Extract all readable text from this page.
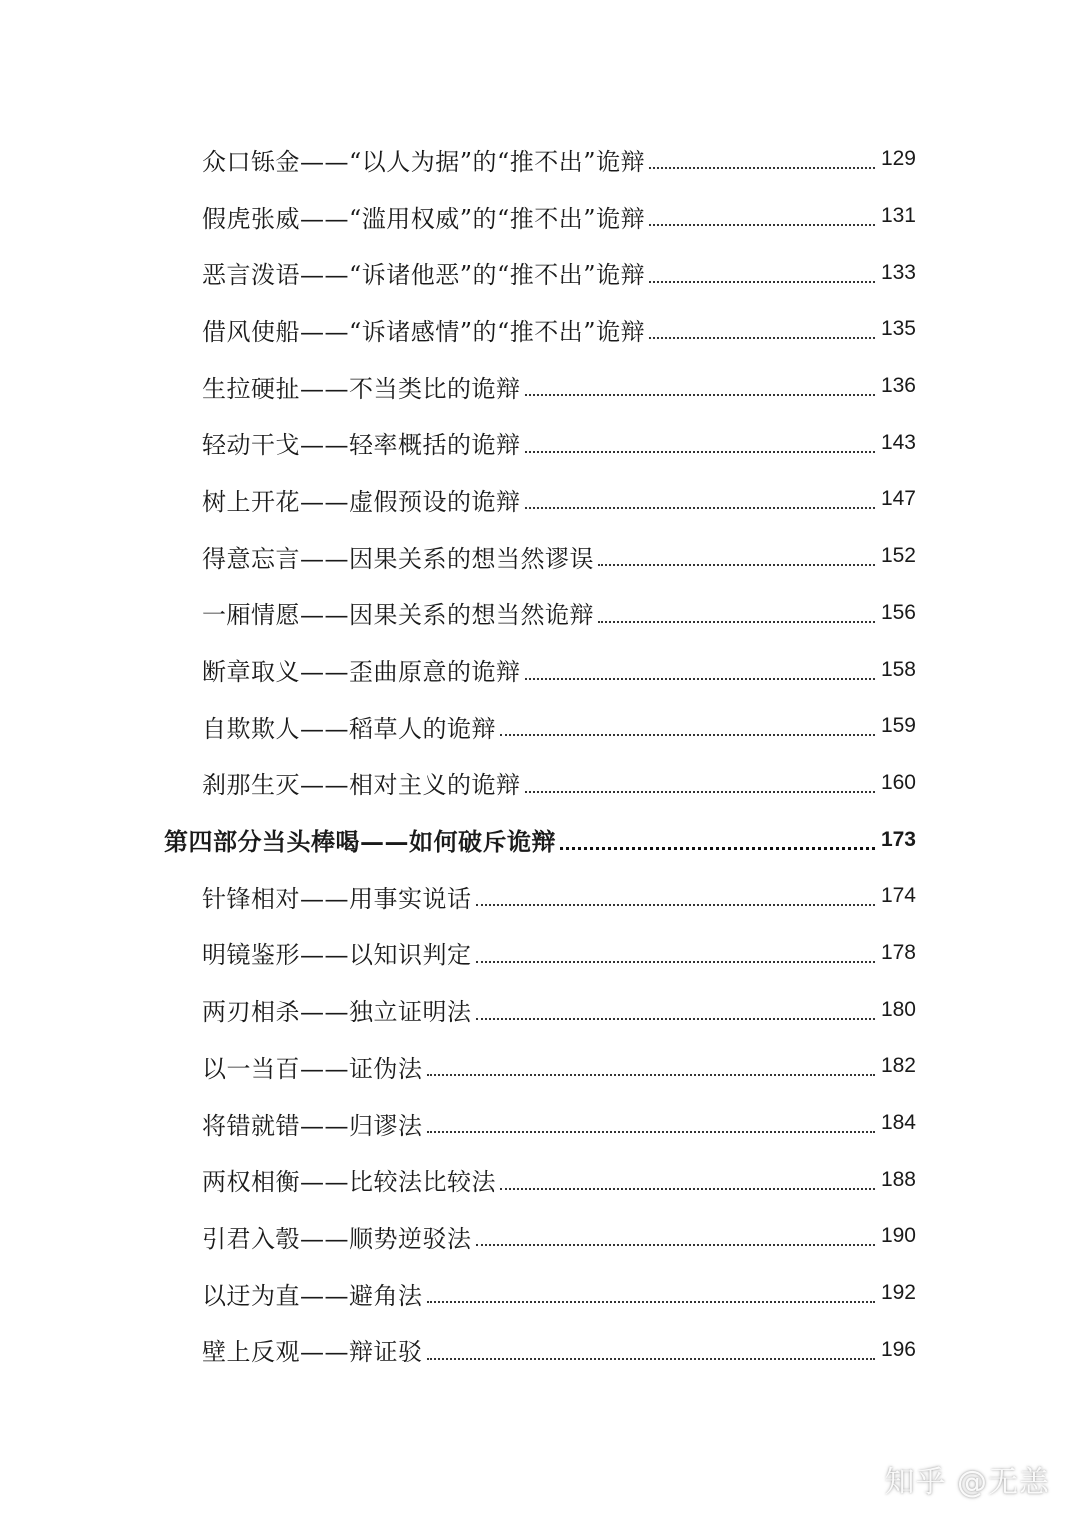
众口铄金——“以人为据”的“推不出”诡辩	129
假虎张威——“滥用权威”的“推不出”诡辩	131
恶言泼语——“诉诸他恶”的“推不出”诡辩	133
借风使船——“诉诸感情”的“推不出”诡辩	135
生拉硬扯——不当类比的诡辩	136
轻动干戈——轻率概括的诡辩	143
树上开花——虚假预设的诡辩	147
得意忘言——因果关系的想当然谬误	152
一厢情愿——因果关系的想当然诡辩	156
断章取义——歪曲原意的诡辩	158
自欺欺人——稻草人的诡辩	159
刹那生灭——相对主义的诡辩	160
第四部分当头棒喝——如何破斥诡辩	173
针锋相对——用事实说话	174
明镜鉴形——以知识判定	178
两刃相杀——独立证明法	180
以一当百——证伪法	182
将错就错——归谬法	184
两权相衡——比较法比较法	188
引君入彀——顺势逆驳法	190
以迂为直——避角法	192
壁上反观——辩证驳	196
知乎 @无恙
